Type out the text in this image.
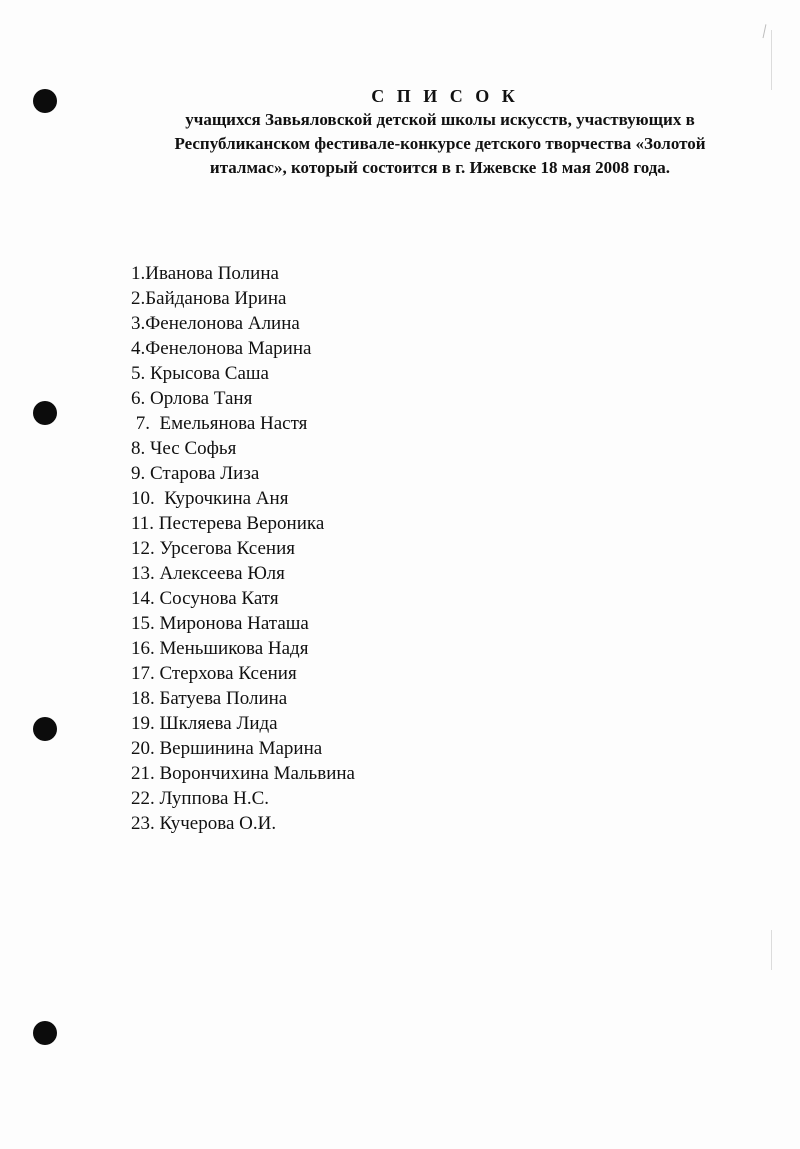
С П И С О К
учащихся Завьяловской детской школы искусств, участвующих в
Республиканском фестивале-конкурсе детского творчества «Золотой
италмас», который состоится в г. Ижевске 18 мая 2008 года.
1.Иванова Полина
2.Байданова Ирина
3.Фенелонова Алина
4.Фенелонова Марина
5. Крысова Саша
6. Орлова Таня
7.  Емельянова Настя
8. Чес Софья
9. Старова Лиза
10.  Курочкина Аня
11. Пестерева Вероника
12. Урсегова Ксения
13. Алексеева Юля
14. Сосунова Катя
15. Миронова Наташа
16. Меньшикова Надя
17. Стерхова Ксения
18. Батуева Полина
19. Шкляева Лида
20. Вершинина Марина
21. Ворончихина Мальвина
22. Луппова Н.С.
23. Кучерова О.И.
